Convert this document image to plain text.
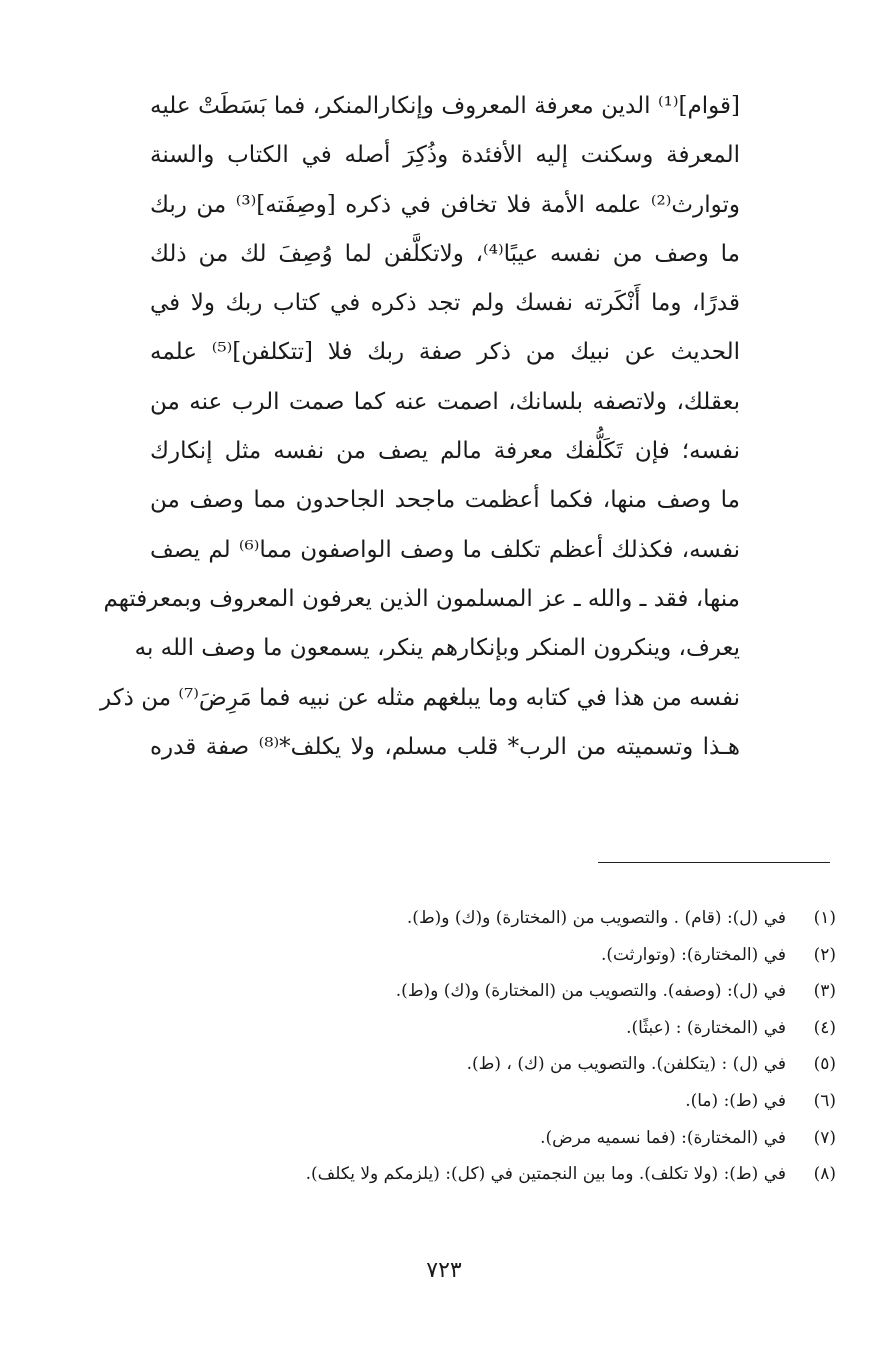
[قوام]⁽¹⁾ الدين معرفة المعروف وإنكارالمنكر، فما بَسَطَتْ عليه
المعرفة وسكنت إليه الأفئدة وذُكِرَ أصله في الكتاب والسنة
وتوارث⁽²⁾ علمه الأمة فلا تخافن في ذكره [وصِفَته]⁽³⁾ من ربك
ما وصف من نفسه عيبًا⁽⁴⁾، ولاتكلَّفن لما وُصِفَ لك من ذلك
قدرًا، وما أَنْكَرته نفسك ولم تجد ذكره في كتاب ربك ولا في
الحديث عن نبيك من ذكر صفة ربك فلا [تتكلفن]⁽⁵⁾ علمه
بعقلك، ولاتصفه بلسانك، اصمت عنه كما صمت الرب عنه من
نفسه؛ فإن تَكَلُّفك معرفة مالم يصف من نفسه مثل إنكارك
ما وصف منها، فكما أعظمت ماجحد الجاحدون مما وصف من
نفسه، فكذلك أعظم تكلف ما وصف الواصفون مما⁽⁶⁾ لم يصف
منها، فقد ـ والله ـ عز المسلمون الذين يعرفون المعروف وبمعرفتهم
يعرف، وينكرون المنكر وبإنكارهم ينكر، يسمعون ما وصف الله به
نفسه من هذا في كتابه وما يبلغهم مثله عن نبيه فما مَرِضَ⁽⁷⁾ من ذكر
هـذا وتسميته من الرب* قلب مسلم، ولا يكلف*⁽⁸⁾ صفة قدره
(١)
في (ل): (قام) . والتصويب من (المختارة) و(ك) و(ط).
(٢)
في (المختارة): (وتوارثت).
(٣)
في (ل): (وصفه). والتصويب من (المختارة) و(ك) و(ط).
(٤)
في (المختارة) : (عبثًا).
(٥)
في (ل) : (يتكلفن). والتصويب من (ك) ، (ط).
(٦)
في (ط): (ما).
(٧)
في (المختارة): (فما نسميه مرض).
(٨)
في (ط): (ولا تكلف). وما بين النجمتين في (كل): (يلزمكم ولا يكلف).
٧٢٣
